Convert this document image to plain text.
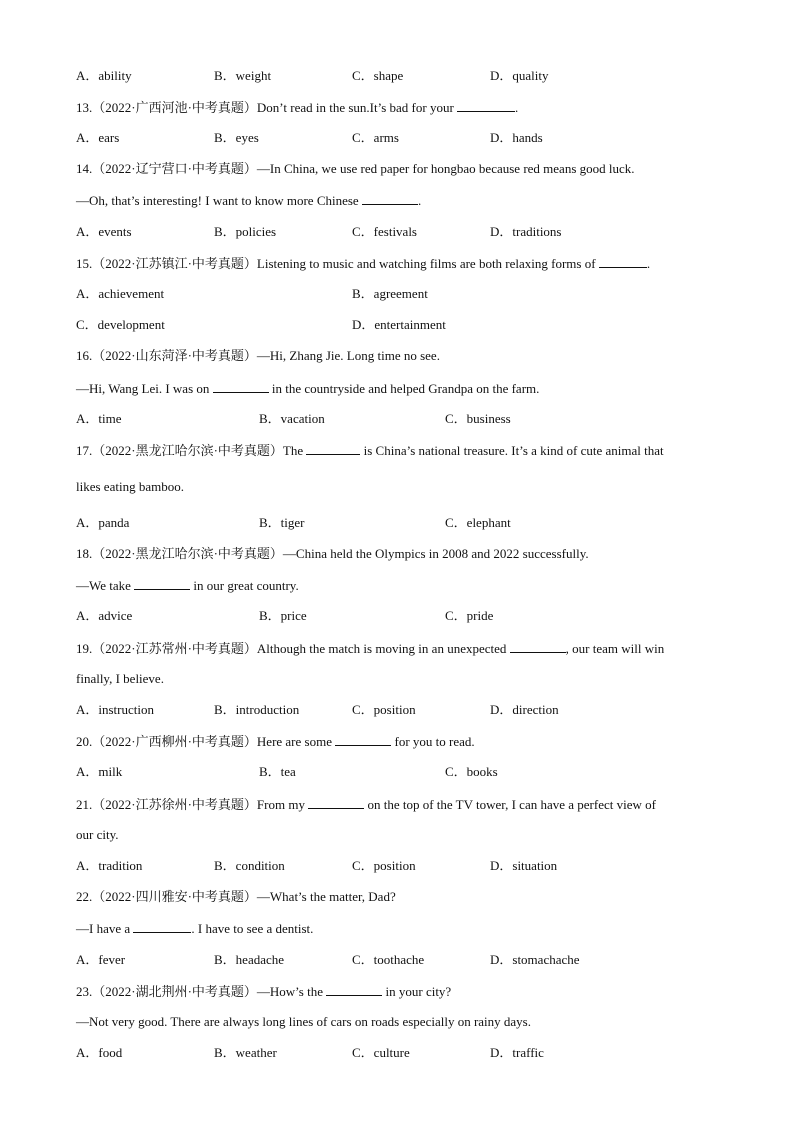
A．ability	B．weight	C．shape	D．quality
13.（2022·广西河池·中考真题）Don’t read in the sun.It’s bad for your	.
A．ears	B．eyes	C．arms	D．hands
14.（2022·辽宁营口·中考真题）—In China, we use red paper for hongbao because red means good luck.
—Oh, that’s interesting! I want to know more Chinese	.
A．events	B．policies	C．festivals	D．traditions
15.（2022·江苏镇江·中考真题）Listening to music and watching films are both relaxing forms of	.
A．achievement	B．agreement
C．development	D．entertainment
16.（2022·山东菏泽·中考真题）—Hi, Zhang Jie. Long time no see.
—Hi, Wang Lei. I was on	in the countryside and helped Grandpa on the farm.
A．time	B．vacation	C．business
17.（2022·黑龙江哈尔滨·中考真题）The	is China’s national treasure. It’s a kind of cute animal that
likes eating bamboo.
A．panda	B．tiger	C．elephant
18.（2022·黑龙江哈尔滨·中考真题）—China held the Olympics in 2008 and 2022 successfully.
—We take	in our great country.
A．advice	B．price	C．pride
19.（2022·江苏常州·中考真题）Although the match is moving in an unexpected	, our team will win
finally, I believe.
A．instruction	B．introduction	C．position	D．direction
20.（2022·广西柳州·中考真题）Here are some	for you to read.
A．milk	B．tea	C．books
21.（2022·江苏徐州·中考真题）From my	on the top of the TV tower, I can have a perfect view of
our city.
A．tradition	B．condition	C．position	D．situation
22.（2022·四川雅安·中考真题）—What’s the matter, Dad?
—I have a	. I have to see a dentist.
A．fever	B．headache	C．toothache	D．stomachache
23.（2022·湖北荆州·中考真题）—How’s the	in your city?
—Not very good. There are always long lines of cars on roads especially on rainy days.
A．food	B．weather	C．culture	D．traffic
